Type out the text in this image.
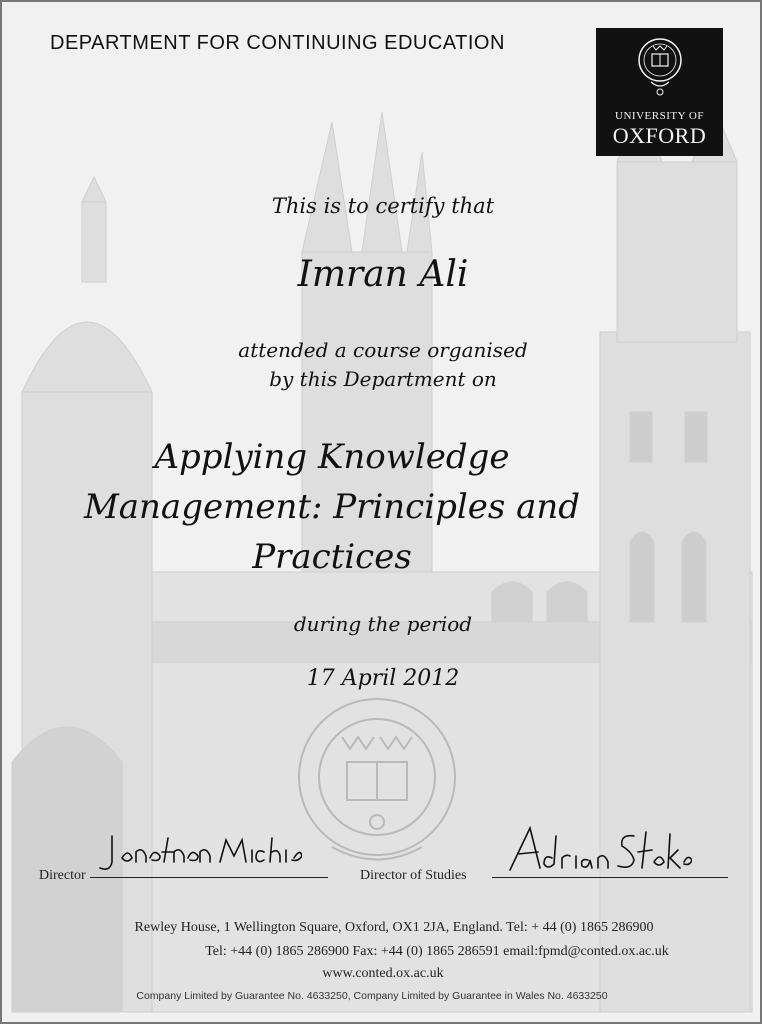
DEPARTMENT FOR CONTINUING EDUCATION
UNIVERSITY OF
OXFORD
This is to certify that
Imran Ali
attended a course organised
by this Department on
Applying Knowledge
Management: Principles and
Practices
during the period
17 April 2012
Director	Director of Studies
Rewley House, 1 Wellington Square, Oxford, OX1 2JA, England. Tel: + 44 (0) 1865 286900
Tel: +44 (0) 1865 286900 Fax: +44 (0) 1865 286591 email:fpmd@conted.ox.ac.uk
www.conted.ox.ac.uk
Company Limited by Guarantee No. 4633250, Company Limited by Guarantee in Wales No. 4633250
